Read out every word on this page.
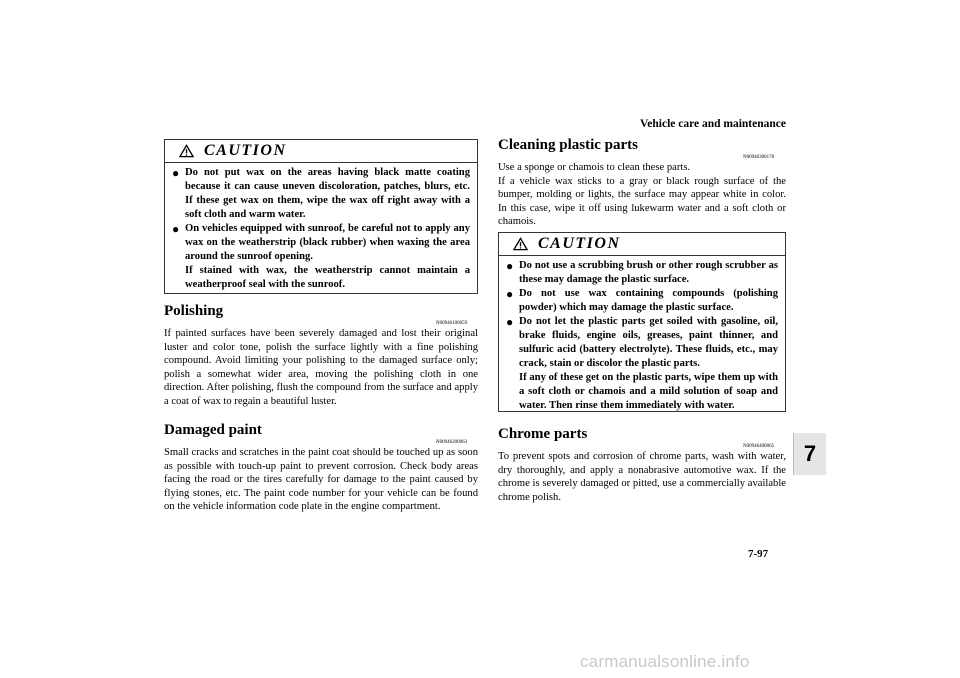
Vehicle care and maintenance
7
CAUTION
● Do not put wax on the areas having black matte coating because it can cause uneven discoloration, patches, blurs, etc. If these get wax on them, wipe the wax off right away with a soft cloth and warm water.
● On vehicles equipped with sunroof, be careful not to apply any wax on the weatherstrip (black rubber) when waxing the area around the sunroof opening.
If stained with wax, the weatherstrip cannot maintain a weatherproof seal with the sunroof.
Polishing
N00946100059

If painted surfaces have been severely damaged and lost their original luster and color tone, polish the surface lightly with a fine polishing compound. Avoid limiting your polishing to the damaged surface only; polish a somewhat wider area, moving the polishing cloth in one direction. After polishing, flush the compound from the surface and apply a coat of wax to regain a beautiful luster.

Damaged paint
N00946200063

Small cracks and scratches in the paint coat should be touched up as soon as possible with touch-up paint to prevent corrosion. Check body areas facing the road or the tires carefully for damage to the paint caused by flying stones, etc. The paint code number for your vehicle can be found on the vehicle information code plate in the engine compartment.

Cleaning plastic parts
N00946300178

Use a sponge or chamois to clean these parts.

If a vehicle wax sticks to a gray or black rough surface of the bumper, molding or lights, the surface may appear white in color. In this case, wipe it off using lukewarm water and a soft cloth or chamois.

CAUTION
● Do not use a scrubbing brush or other rough scrubber as these may damage the plastic surface.
● Do not use wax containing compounds (polishing powder) which may damage the plastic surface.
● Do not let the plastic parts get soiled with gasoline, oil, brake fluids, engine oils, greases, paint thinner, and sulfuric acid (battery electrolyte). These fluids, etc., may crack, stain or discolor the plastic parts.
If any of these get on the plastic parts, wipe them up with a soft cloth or chamois and a mild solution of soap and water. Then rinse them immediately with water.
Chrome parts
N00946400065

To prevent spots and corrosion of chrome parts, wash with water, dry thoroughly, and apply a nonabrasive automotive wax. If the chrome is severely damaged or pitted, use a commercially available chrome polish.

7-97
carmanualsonline.info
